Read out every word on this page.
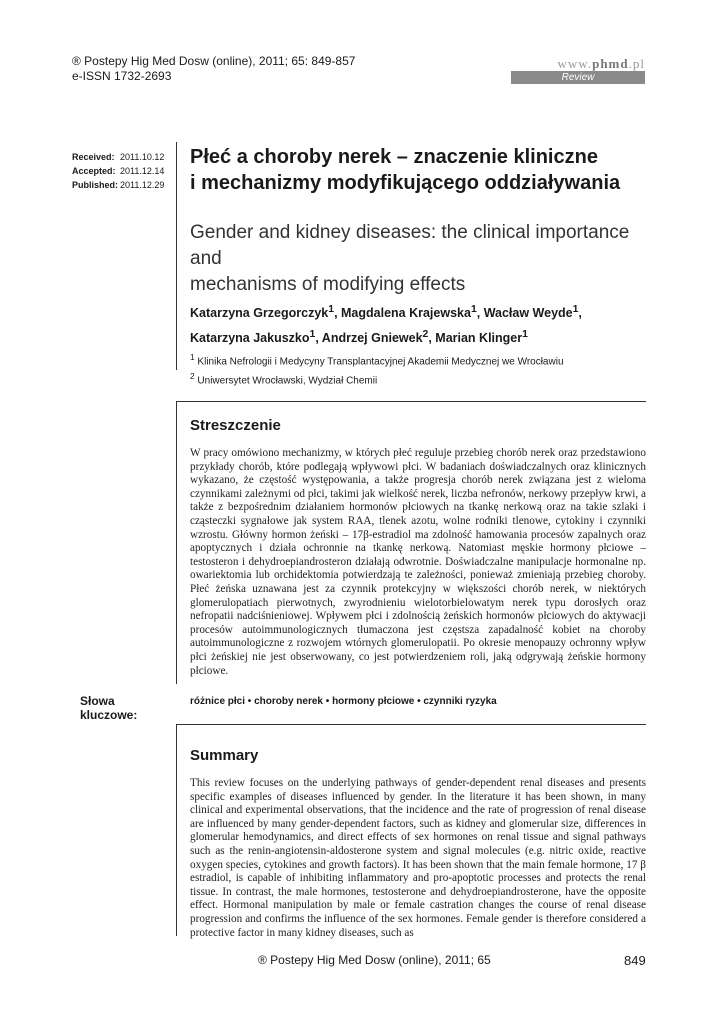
® Postepy Hig Med Dosw (online), 2011; 65: 849-857
e-ISSN 1732-2693
www.phmd.pl
Review
Received: 2011.10.12
Accepted: 2011.12.14
Published: 2011.12.29
Płeć a choroby nerek – znaczenie kliniczne
i mechanizmy modyfikującego oddziaływania
Gender and kidney diseases: the clinical importance and
mechanisms of modifying effects
Katarzyna Grzegorczyk$^1$, Magdalena Krajewska$^1$, Wacław Weyde$^1$,
Katarzyna Jakuszko$^1$, Andrzej Gniewek$^2$, Marian Klinger$^1$
$^1$ Klinika Nefrologii i Medycyny Transplantacyjnej Akademii Medycznej we Wrocławiu
$^2$ Uniwersytet Wrocławski, Wydział Chemii
Streszczenie
W pracy omówiono mechanizmy, w których płeć reguluje przebieg chorób nerek oraz przedstawiono przykłady chorób, które podlegają wpływowi płci. W badaniach doświadczalnych oraz klinicznych wykazano, że częstość występowania, a także progresja chorób nerek związana jest z wieloma czynnikami zależnymi od płci, takimi jak wielkość nerek, liczba nefronów, nerkowy przepływ krwi, a także z bezpośrednim działaniem hormonów płciowych na tkankę nerkową oraz na takie szlaki i cząsteczki sygnałowe jak system RAA, tlenek azotu, wolne rodniki tlenowe, cytokiny i czynniki wzrostu. Główny hormon żeński – 17β-estradiol ma zdolność hamowania procesów zapalnych oraz apoptycznych i działa ochronnie na tkankę nerkową. Natomiast męskie hormony płciowe – testosteron i dehydroepiandrosteron działają odwrotnie. Doświadczalne manipulacje hormonalne np. owariektomia lub orchidektomia potwierdzają te zależności, ponieważ zmieniają przebieg choroby. Płeć żeńska uznawana jest za czynnik protekcyjny w większości chorób nerek, w niektórych glomerulopatiach pierwotnych, zwyrodnieniu wielotorbielowatym nerek typu dorosłych oraz nefropatii nadciśnieniowej. Wpływem płci i zdolnością żeńskich hormonów płciowych do aktywacji procesów autoimmunologicznych tłumaczona jest częstsza zapadalność kobiet na choroby autoimmunologiczne z rozwojem wtórnych glomerulopatii. Po okresie menopauzy ochronny wpływ płci żeńskiej nie jest obserwowany, co jest potwierdzeniem roli, jaką odgrywają żeńskie hormony płciowe.
Słowa kluczowe:
różnice płci • choroby nerek • hormony płciowe • czynniki ryzyka
Summary
This review focuses on the underlying pathways of gender-dependent renal diseases and presents specific examples of diseases influenced by gender. In the literature it has been shown, in many clinical and experimental observations, that the incidence and the rate of progression of renal disease are influenced by many gender-dependent factors, such as kidney and glomerular size, differences in glomerular hemodynamics, and direct effects of sex hormones on renal tissue and signal pathways such as the renin-angiotensin-aldosterone system and signal molecules (e.g. nitric oxide, reactive oxygen species, cytokines and growth factors). It has been shown that the main female hormone, 17 β estradiol, is capable of inhibiting inflammatory and pro-apoptotic processes and protects the renal tissue. In contrast, the male hormones, testosterone and dehydroepiandrosterone, have the opposite effect. Hormonal manipulation by male or female castration changes the course of renal disease progression and confirms the influence of the sex hormones. Female gender is therefore considered a protective factor in many kidney diseases, such as
® Postepy Hig Med Dosw (online), 2011; 65	849
